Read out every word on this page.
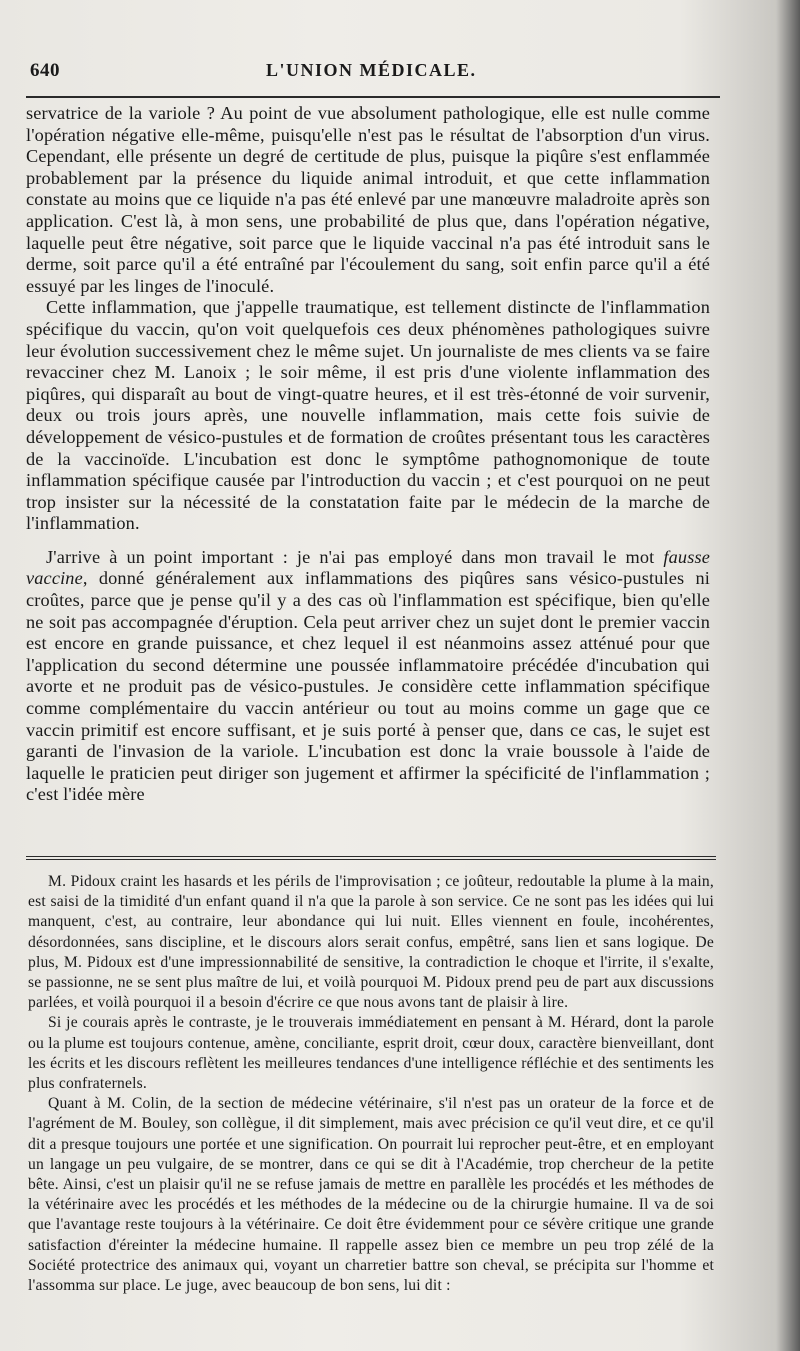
640	L'UNION MÉDICALE.

servatrice de la variole ? Au point de vue absolument pathologique, elle est nulle comme l'opération négative elle-même, puisqu'elle n'est pas le résultat de l'absorption d'un virus. Cependant, elle présente un degré de certitude de plus, puisque la piqûre s'est enflammée probablement par la présence du liquide animal introduit, et que cette inflammation constate au moins que ce liquide n'a pas été enlevé par une manœuvre maladroite après son application. C'est là, à mon sens, une probabilité de plus que, dans l'opération négative, laquelle peut être négative, soit parce que le liquide vaccinal n'a pas été introduit sans le derme, soit parce qu'il a été entraîné par l'écoulement du sang, soit enfin parce qu'il a été essuyé par les linges de l'inoculé.

Cette inflammation, que j'appelle traumatique, est tellement distincte de l'inflammation spécifique du vaccin, qu'on voit quelquefois ces deux phénomènes pathologiques suivre leur évolution successivement chez le même sujet. Un journaliste de mes clients va se faire revacciner chez M. Lanoix ; le soir même, il est pris d'une violente inflammation des piqûres, qui disparaît au bout de vingt-quatre heures, et il est très-étonné de voir survenir, deux ou trois jours après, une nouvelle inflammation, mais cette fois suivie de développement de vésico-pustules et de formation de croûtes présentant tous les caractères de la vaccinoïde. L'incubation est donc le symptôme pathognomonique de toute inflammation spécifique causée par l'introduction du vaccin ; et c'est pourquoi on ne peut trop insister sur la nécessité de la constatation faite par le médecin de la marche de l'inflammation.

J'arrive à un point important : je n'ai pas employé dans mon travail le mot fausse vaccine, donné généralement aux inflammations des piqûres sans vésico-pustules ni croûtes, parce que je pense qu'il y a des cas où l'inflammation est spécifique, bien qu'elle ne soit pas accompagnée d'éruption. Cela peut arriver chez un sujet dont le premier vaccin est encore en grande puissance, et chez lequel il est néanmoins assez atténué pour que l'application du second détermine une poussée inflammatoire précédée d'incubation qui avorte et ne produit pas de vésico-pustules. Je considère cette inflammation spécifique comme complémentaire du vaccin antérieur ou tout au moins comme un gage que ce vaccin primitif est encore suffisant, et je suis porté à penser que, dans ce cas, le sujet est garanti de l'invasion de la variole. L'incubation est donc la vraie boussole à l'aide de laquelle le praticien peut diriger son jugement et affirmer la spécificité de l'inflammation ; c'est l'idée mère

M. Pidoux craint les hasards et les périls de l'improvisation ; ce joûteur, redoutable la plume à la main, est saisi de la timidité d'un enfant quand il n'a que la parole à son service. Ce ne sont pas les idées qui lui manquent, c'est, au contraire, leur abondance qui lui nuit. Elles viennent en foule, incohérentes, désordonnées, sans discipline, et le discours alors serait confus, empêtré, sans lien et sans logique. De plus, M. Pidoux est d'une impressionnabilité de sensitive, la contradiction le choque et l'irrite, il s'exalte, se passionne, ne se sent plus maître de lui, et voilà pourquoi M. Pidoux prend peu de part aux discussions parlées, et voilà pourquoi il a besoin d'écrire ce que nous avons tant de plaisir à lire.

Si je courais après le contraste, je le trouverais immédiatement en pensant à M. Hérard, dont la parole ou la plume est toujours contenue, amène, conciliante, esprit droit, cœur doux, caractère bienveillant, dont les écrits et les discours reflètent les meilleures tendances d'une intelligence réfléchie et des sentiments les plus confraternels.

Quant à M. Colin, de la section de médecine vétérinaire, s'il n'est pas un orateur de la force et de l'agrément de M. Bouley, son collègue, il dit simplement, mais avec précision ce qu'il veut dire, et ce qu'il dit a presque toujours une portée et une signification. On pourrait lui reprocher peut-être, et en employant un langage un peu vulgaire, de se montrer, dans ce qui se dit à l'Académie, trop chercheur de la petite bête. Ainsi, c'est un plaisir qu'il ne se refuse jamais de mettre en parallèle les procédés et les méthodes de la vétérinaire avec les procédés et les méthodes de la médecine ou de la chirurgie humaine. Il va de soi que l'avantage reste toujours à la vétérinaire. Ce doit être évidemment pour ce sévère critique une grande satisfaction d'éreinter la médecine humaine. Il rappelle assez bien ce membre un peu trop zélé de la Société protectrice des animaux qui, voyant un charretier battre son cheval, se précipita sur l'homme et l'assomma sur place. Le juge, avec beaucoup de bon sens, lui dit :
